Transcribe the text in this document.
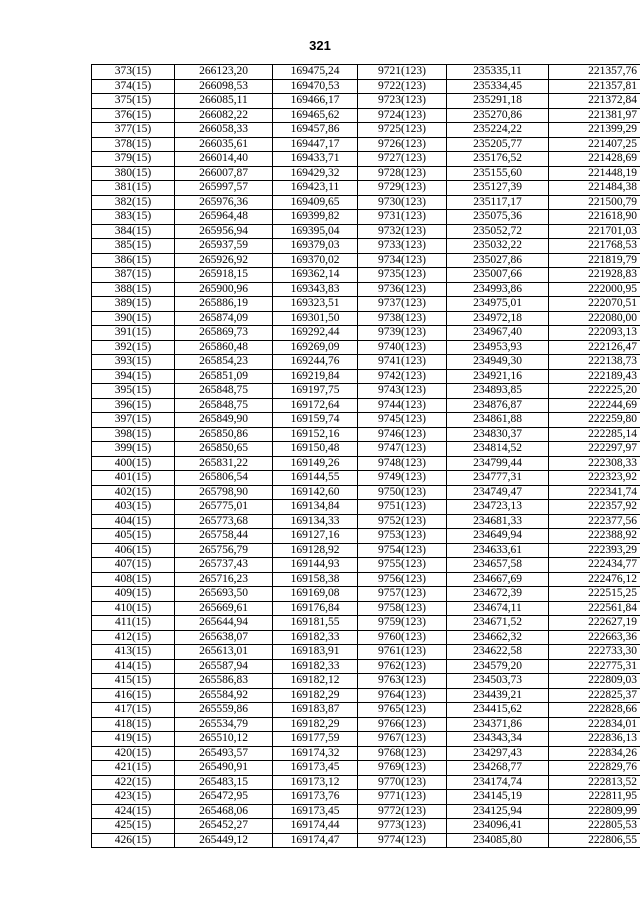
321
373(15)	266123,20	169475,24	9721(123)	235335,11	221357,76
374(15)	266098,53	169470,53	9722(123)	235334,45	221357,81
375(15)	266085,11	169466,17	9723(123)	235291,18	221372,84
376(15)	266082,22	169465,62	9724(123)	235270,86	221381,97
377(15)	266058,33	169457,86	9725(123)	235224,22	221399,29
378(15)	266035,61	169447,17	9726(123)	235205,77	221407,25
379(15)	266014,40	169433,71	9727(123)	235176,52	221428,69
380(15)	266007,87	169429,32	9728(123)	235155,60	221448,19
381(15)	265997,57	169423,11	9729(123)	235127,39	221484,38
382(15)	265976,36	169409,65	9730(123)	235117,17	221500,79
383(15)	265964,48	169399,82	9731(123)	235075,36	221618,90
384(15)	265956,94	169395,04	9732(123)	235052,72	221701,03
385(15)	265937,59	169379,03	9733(123)	235032,22	221768,53
386(15)	265926,92	169370,02	9734(123)	235027,86	221819,79
387(15)	265918,15	169362,14	9735(123)	235007,66	221928,83
388(15)	265900,96	169343,83	9736(123)	234993,86	222000,95
389(15)	265886,19	169323,51	9737(123)	234975,01	222070,51
390(15)	265874,09	169301,50	9738(123)	234972,18	222080,00
391(15)	265869,73	169292,44	9739(123)	234967,40	222093,13
392(15)	265860,48	169269,09	9740(123)	234953,93	222126,47
393(15)	265854,23	169244,76	9741(123)	234949,30	222138,73
394(15)	265851,09	169219,84	9742(123)	234921,16	222189,43
395(15)	265848,75	169197,75	9743(123)	234893,85	222225,20
396(15)	265848,75	169172,64	9744(123)	234876,87	222244,69
397(15)	265849,90	169159,74	9745(123)	234861,88	222259,80
398(15)	265850,86	169152,16	9746(123)	234830,37	222285,14
399(15)	265850,65	169150,48	9747(123)	234814,52	222297,97
400(15)	265831,22	169149,26	9748(123)	234799,44	222308,33
401(15)	265806,54	169144,55	9749(123)	234777,31	222323,92
402(15)	265798,90	169142,60	9750(123)	234749,47	222341,74
403(15)	265775,01	169134,84	9751(123)	234723,13	222357,92
404(15)	265773,68	169134,33	9752(123)	234681,33	222377,56
405(15)	265758,44	169127,16	9753(123)	234649,94	222388,92
406(15)	265756,79	169128,92	9754(123)	234633,61	222393,29
407(15)	265737,43	169144,93	9755(123)	234657,58	222434,77
408(15)	265716,23	169158,38	9756(123)	234667,69	222476,12
409(15)	265693,50	169169,08	9757(123)	234672,39	222515,25
410(15)	265669,61	169176,84	9758(123)	234674,11	222561,84
411(15)	265644,94	169181,55	9759(123)	234671,52	222627,19
412(15)	265638,07	169182,33	9760(123)	234662,32	222663,36
413(15)	265613,01	169183,91	9761(123)	234622,58	222733,30
414(15)	265587,94	169182,33	9762(123)	234579,20	222775,31
415(15)	265586,83	169182,12	9763(123)	234503,73	222809,03
416(15)	265584,92	169182,29	9764(123)	234439,21	222825,37
417(15)	265559,86	169183,87	9765(123)	234415,62	222828,66
418(15)	265534,79	169182,29	9766(123)	234371,86	222834,01
419(15)	265510,12	169177,59	9767(123)	234343,34	222836,13
420(15)	265493,57	169174,32	9768(123)	234297,43	222834,26
421(15)	265490,91	169173,45	9769(123)	234268,77	222829,76
422(15)	265483,15	169173,12	9770(123)	234174,74	222813,52
423(15)	265472,95	169173,76	9771(123)	234145,19	222811,95
424(15)	265468,06	169173,45	9772(123)	234125,94	222809,99
425(15)	265452,27	169174,44	9773(123)	234096,41	222805,53
426(15)	265449,12	169174,47	9774(123)	234085,80	222806,55
